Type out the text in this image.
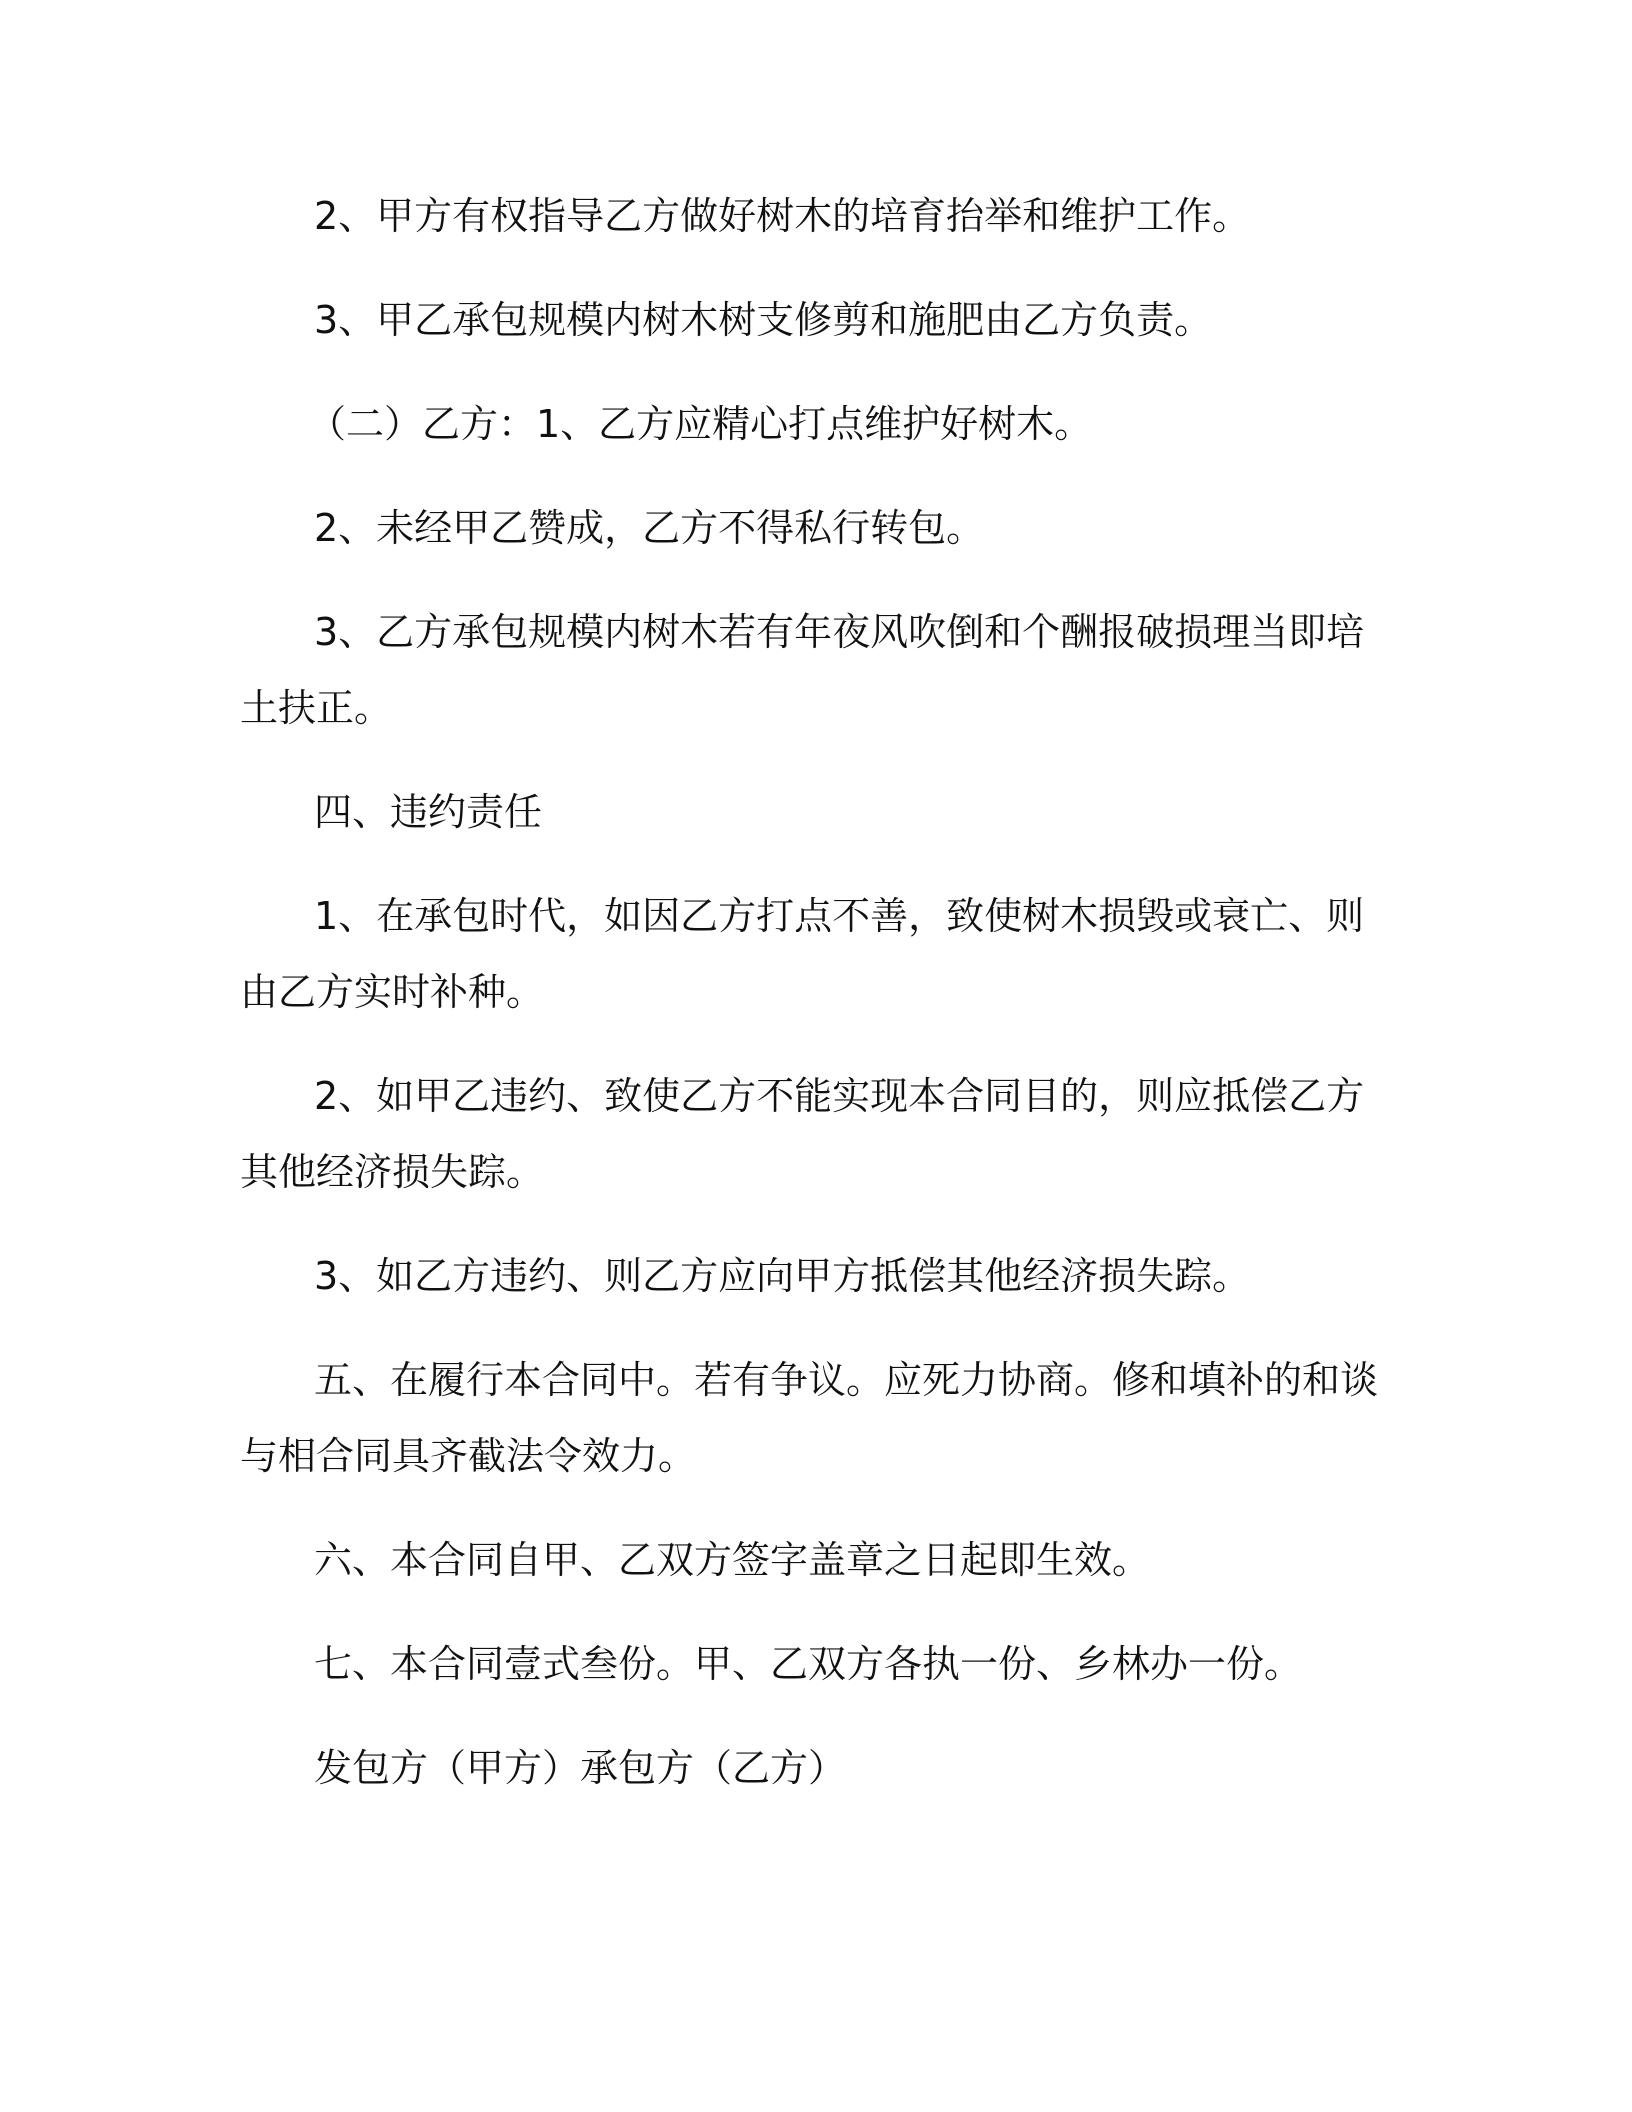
2、甲方有权指导乙方做好树木的培育抬举和维护工作。

3、甲乙承包规模内树木树支修剪和施肥由乙方负责。

（二）乙方：1、乙方应精心打点维护好树木。

2、未经甲乙赞成，乙方不得私行转包。

3、乙方承包规模内树木若有年夜风吹倒和个酬报破损理当即培土扶正。

四、违约责任

1、在承包时代，如因乙方打点不善，致使树木损毁或衰亡、则由乙方实时补种。

2、如甲乙违约、致使乙方不能实现本合同目的，则应抵偿乙方其他经济损失踪。

3、如乙方违约、则乙方应向甲方抵偿其他经济损失踪。

五、在履行本合同中。若有争议。应死力协商。修和填补的和谈与相合同具齐截法令效力。

六、本合同自甲、乙双方签字盖章之日起即生效。

七、本合同壹式叁份。甲、乙双方各执一份、乡林办一份。

发包方（甲方）承包方（乙方）
